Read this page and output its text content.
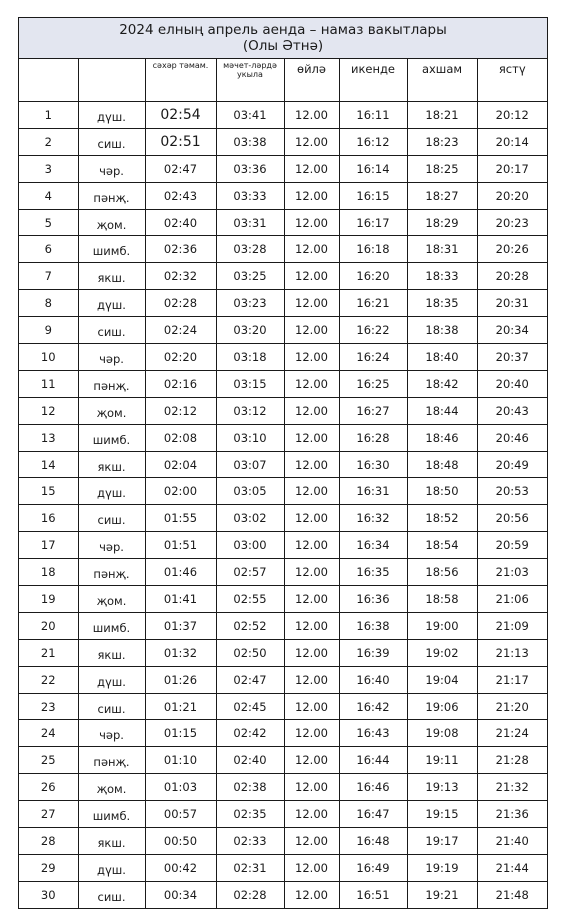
2024 елның апрель аенда – намаз вакытлары
(Олы Әтнә)
		сәхәр тәмам.	мәчет-ләрдә укыла	өйлә	икенде	ахшам	ястү
1	дүш.	02:54	03:41	12.00	16:11	18:21	20:12
2	сиш.	02:51	03:38	12.00	16:12	18:23	20:14
3	чәр.	02:47	03:36	12.00	16:14	18:25	20:17
4	пәнҗ.	02:43	03:33	12.00	16:15	18:27	20:20
5	җом.	02:40	03:31	12.00	16:17	18:29	20:23
6	шимб.	02:36	03:28	12.00	16:18	18:31	20:26
7	якш.	02:32	03:25	12.00	16:20	18:33	20:28
8	дүш.	02:28	03:23	12.00	16:21	18:35	20:31
9	сиш.	02:24	03:20	12.00	16:22	18:38	20:34
10	чәр.	02:20	03:18	12.00	16:24	18:40	20:37
11	пәнҗ.	02:16	03:15	12.00	16:25	18:42	20:40
12	җом.	02:12	03:12	12.00	16:27	18:44	20:43
13	шимб.	02:08	03:10	12.00	16:28	18:46	20:46
14	якш.	02:04	03:07	12.00	16:30	18:48	20:49
15	дүш.	02:00	03:05	12.00	16:31	18:50	20:53
16	сиш.	01:55	03:02	12.00	16:32	18:52	20:56
17	чәр.	01:51	03:00	12.00	16:34	18:54	20:59
18	пәнҗ.	01:46	02:57	12.00	16:35	18:56	21:03
19	җом.	01:41	02:55	12.00	16:36	18:58	21:06
20	шимб.	01:37	02:52	12.00	16:38	19:00	21:09
21	якш.	01:32	02:50	12.00	16:39	19:02	21:13
22	дүш.	01:26	02:47	12.00	16:40	19:04	21:17
23	сиш.	01:21	02:45	12.00	16:42	19:06	21:20
24	чәр.	01:15	02:42	12.00	16:43	19:08	21:24
25	пәнҗ.	01:10	02:40	12.00	16:44	19:11	21:28
26	җом.	01:03	02:38	12.00	16:46	19:13	21:32
27	шимб.	00:57	02:35	12.00	16:47	19:15	21:36
28	якш.	00:50	02:33	12.00	16:48	19:17	21:40
29	дүш.	00:42	02:31	12.00	16:49	19:19	21:44
30	сиш.	00:34	02:28	12.00	16:51	19:21	21:48
